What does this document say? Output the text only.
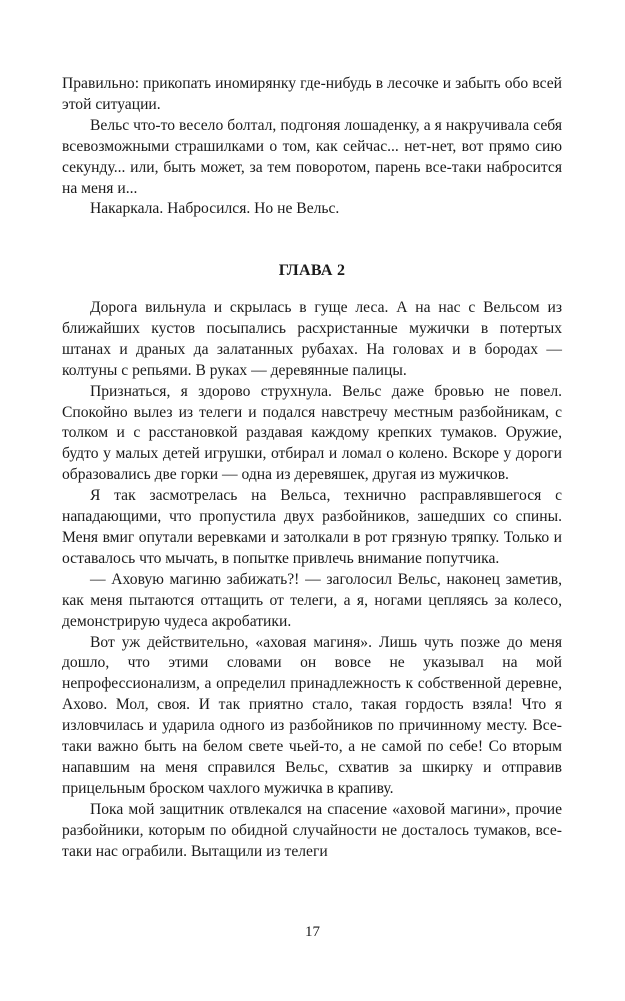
Правильно: прикопать иномирянку где-нибудь в лесочке и забыть обо всей этой ситуации.

Вельс что-то весело болтал, подгоняя лошаденку, а я накручивала себя всевозможными страшилками о том, как сейчас... нет-нет, вот прямо сию секунду... или, быть может, за тем поворотом, парень все-таки набросится на меня и...

Накаркала. Набросился. Но не Вельс.

ГЛАВА 2

Дорога вильнула и скрылась в гуще леса. А на нас с Вельсом из ближайших кустов посыпались расхристанные мужички в потертых штанах и драных да залатанных рубахах. На головах и в бородах — колтуны с репьями. В руках — деревянные палицы.

Признаться, я здорово струхнула. Вельс даже бровью не повел. Спокойно вылез из телеги и подался навстречу местным разбойникам, с толком и с расстановкой раздавая каждому крепких тумаков. Оружие, будто у малых детей игрушки, отбирал и ломал о колено. Вскоре у дороги образовались две горки — одна из деревяшек, другая из мужичков.

Я так засмотрелась на Вельса, технично расправлявшегося с нападающими, что пропустила двух разбойников, зашедших со спины. Меня вмиг опутали веревками и затолкали в рот грязную тряпку. Только и оставалось что мычать, в попытке привлечь внимание попутчика.

— Аховую магиню забижать?! — заголосил Вельс, наконец заметив, как меня пытаются оттащить от телеги, а я, ногами цепляясь за колесо, демонстрирую чудеса акробатики.

Вот уж действительно, «аховая магиня». Лишь чуть позже до меня дошло, что этими словами он вовсе не указывал на мой непрофессионализм, а определил принадлежность к собственной деревне, Ахово. Мол, своя. И так приятно стало, такая гордость взяла! Что я изловчилась и ударила одного из разбойников по причинному месту. Все-таки важно быть на белом свете чьей-то, а не самой по себе! Со вторым напавшим на меня справился Вельс, схватив за шкирку и отправив прицельным броском чахлого мужичка в крапиву.

Пока мой защитник отвлекался на спасение «аховой магини», прочие разбойники, которым по обидной случайности не досталось тумаков, все-таки нас ограбили. Вытащили из телеги

17
